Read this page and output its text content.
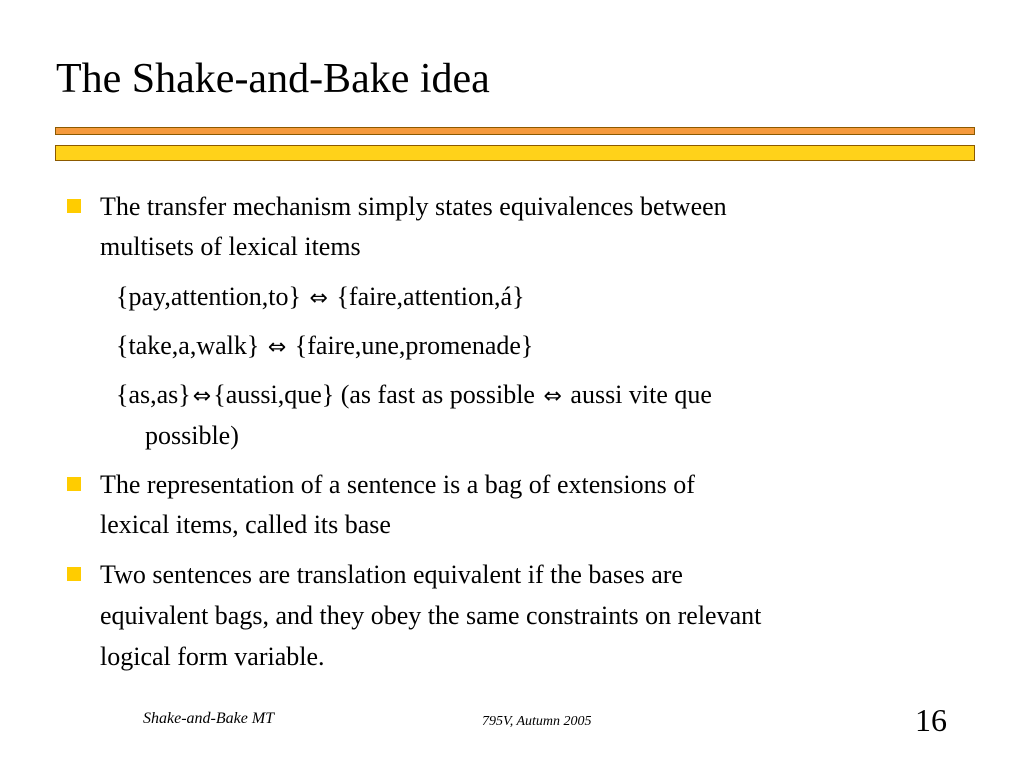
The Shake-and-Bake idea
The transfer mechanism simply states equivalences between
multisets of lexical items
{pay,attention,to} ⇔ {faire,attention,á}
{take,a,walk} ⇔ {faire,une,promenade}
{as,as}⇔{aussi,que} (as fast as possible ⇔ aussi vite que
possible)
The representation of a sentence is a bag of extensions of
lexical items, called its base
Two sentences are translation equivalent if the bases are
equivalent bags, and they obey the same constraints on relevant
logical form variable.
Shake-and-Bake MT	795V, Autumn 2005	16
